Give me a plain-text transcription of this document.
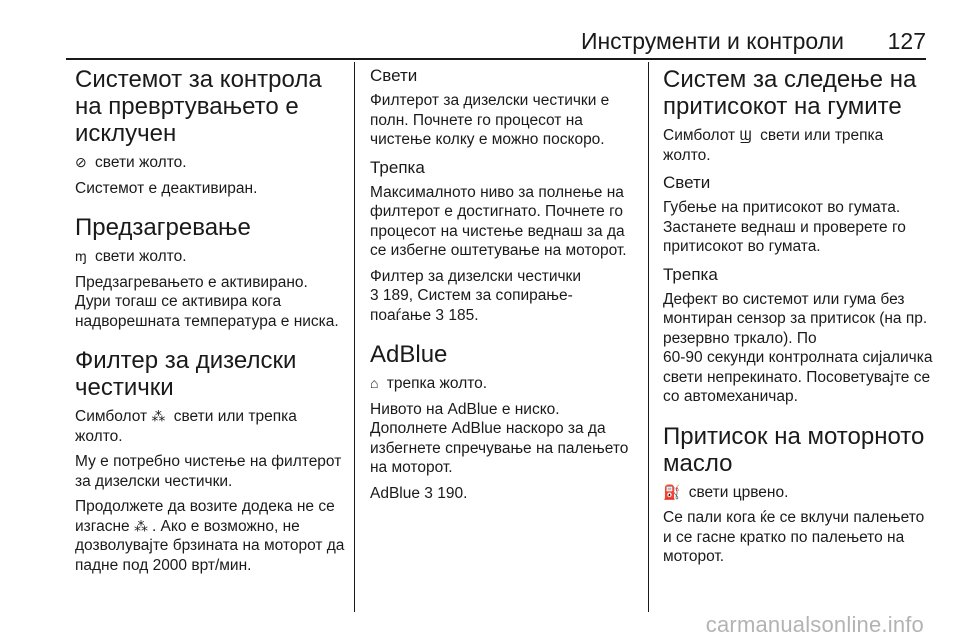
Инструменти и контроли 127
Системот за контрола на превртувањето е исклучен

⊘ свети жолто.

Системот е деактивиран.

Предзагревање

ɱ свети жолто.

Предзагревањето е активирано. Дури тогаш се активира кога надворешната температура е ниска.

Филтер за дизелски честички

Симболот ⁂ свети или трепка жолто.

Му е потребно чистење на филтерот за дизелски честички.

Продолжете да возите додека не се изгасне ⁂ . Ако е возможно, не дозволувајте брзината на моторот да падне под 2000 врт/мин.

Свети

Филтерот за дизелски честички е полн. Почнете го процесот на чистење колку е можно поскоро.

Трепка

Максималното ниво за полнење на филтерот е достигнато. Почнете го процесот на чистење веднаш за да се избегне оштетување на моторот.

Филтер за дизелски честички
3 189, Систем за сопирање-
поаѓање 3 185.

AdBlue

⌂ трепка жолто.

Нивото на AdBlue е ниско. Дополнете AdBlue наскоро за да избегнете спречување на палењето на моторот.

AdBlue 3 190.

Систем за следење на притисокот на гумите

Симболот Ϣ свети или трепка жолто.

Свети

Губење на притисокот во гумата. Застанете веднаш и проверете го притисокот во гумата.

Трепка

Дефект во системот или гума без монтиран сензор за притисок (на пр. резервно тркало). По

60-90 секунди контролната сијаличка свети непрекинато. Посоветувајте се со автомеханичар.

Притисок на моторното масло

⛽ свети црвено.

Се пали кога ќе се вклучи палењето и се гасне кратко по палењето на моторот.

carmanualsonline.info
